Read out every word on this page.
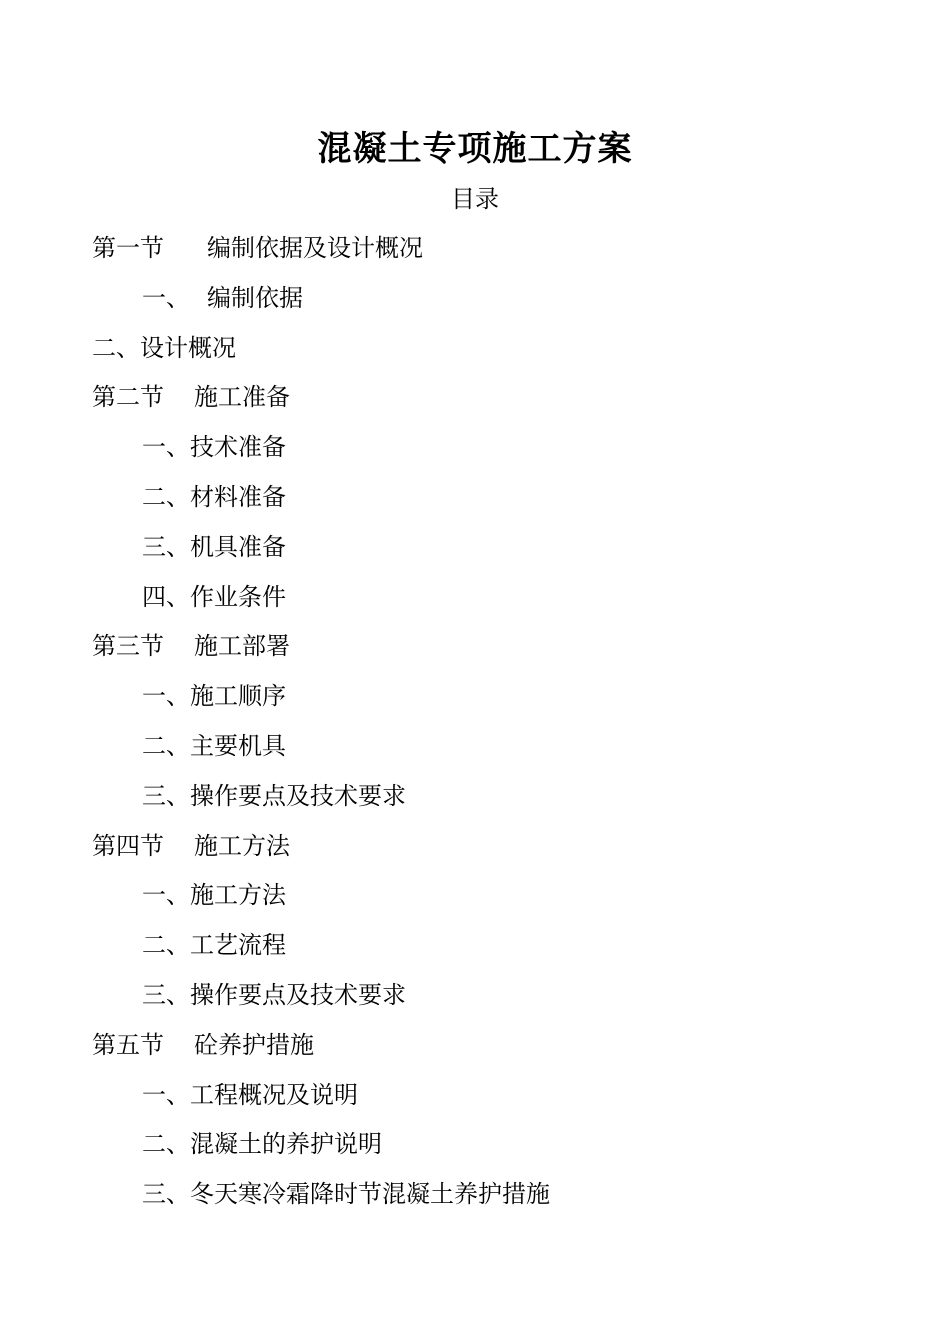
混凝土专项施工方案
目录
第一节 编制依据及设计概况
一、 编制依据
二、设计概况
第二节 施工准备
一、技术准备
二、材料准备
三、机具准备
四、作业条件
第三节 施工部署
一、施工顺序
二、主要机具
三、操作要点及技术要求
第四节 施工方法
一、施工方法
二、工艺流程
三、操作要点及技术要求
第五节 砼养护措施
一、工程概况及说明
二、混凝土的养护说明
三、冬天寒冷霜降时节混凝土养护措施
